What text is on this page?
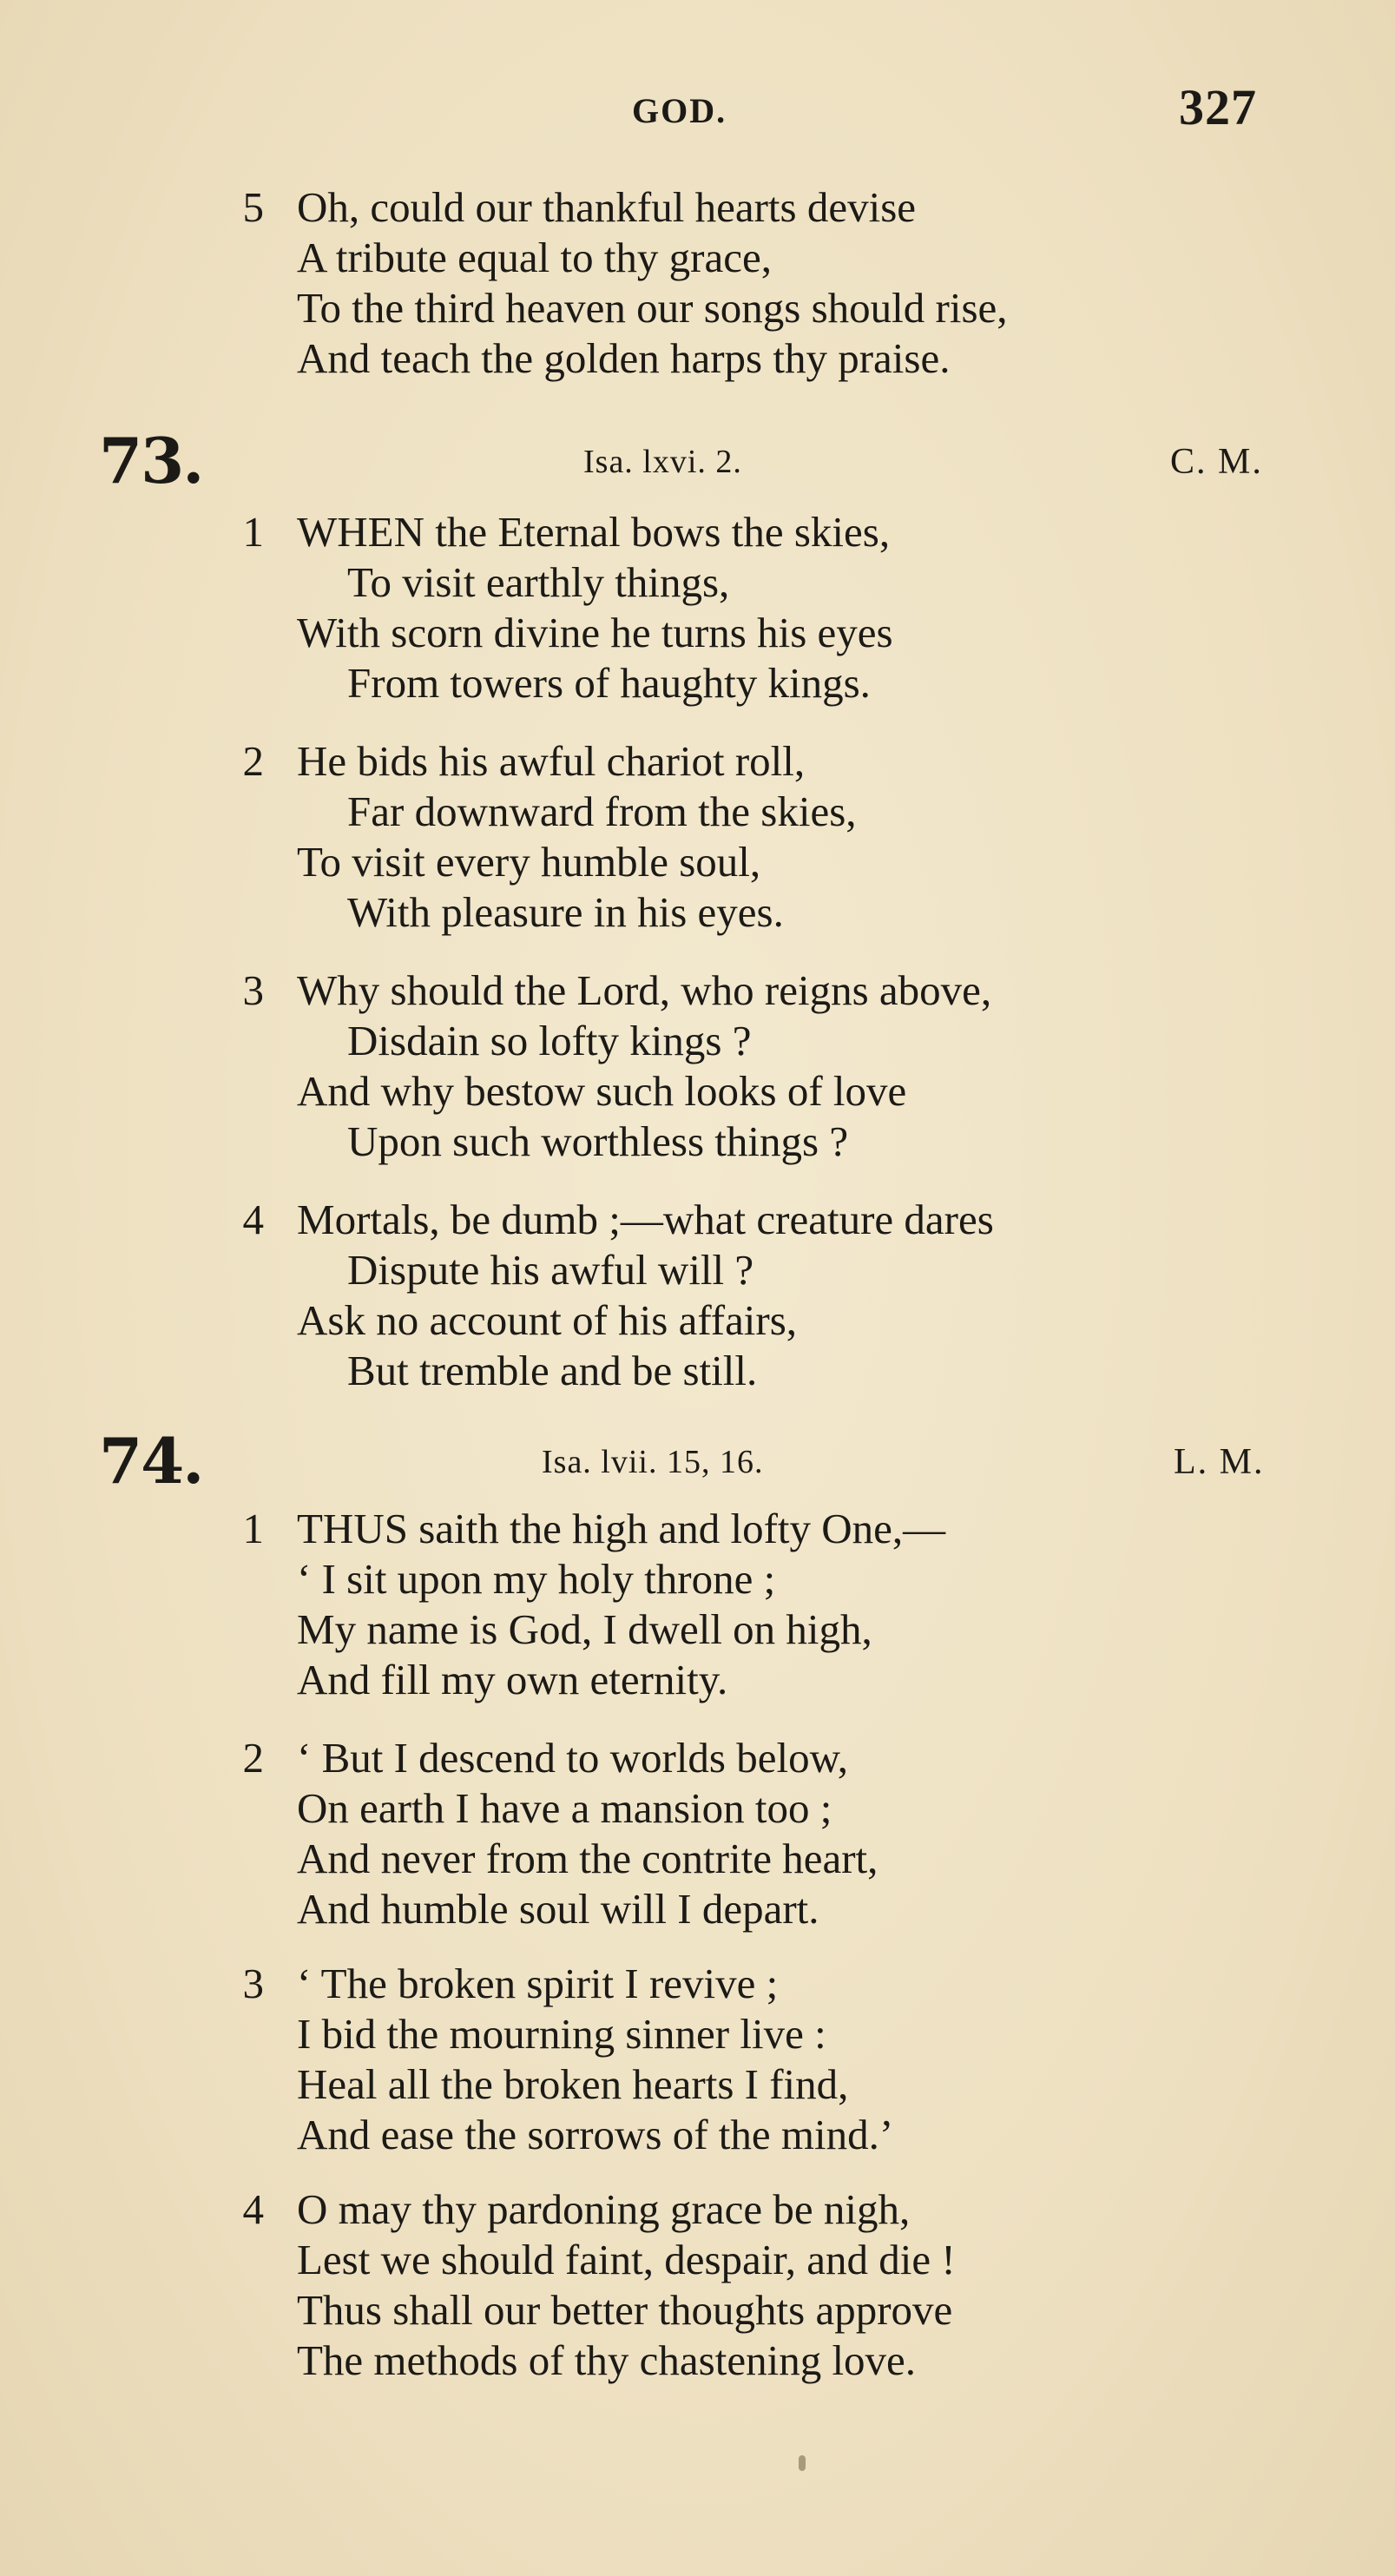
GOD.	327
5 Oh, could our thankful hearts devise
A tribute equal to thy grace,
To the third heaven our songs should rise,
And teach the golden harps thy praise.
73.	Isa. lxvi. 2.	C. M.
1 WHEN the Eternal bows the skies,
To visit earthly things,
With scorn divine he turns his eyes
From towers of haughty kings.
2 He bids his awful chariot roll,
Far downward from the skies,
To visit every humble soul,
With pleasure in his eyes.
3 Why should the Lord, who reigns above,
Disdain so lofty kings ?
And why bestow such looks of love
Upon such worthless things ?
4 Mortals, be dumb ;—what creature dares
Dispute his awful will ?
Ask no account of his affairs,
But tremble and be still.
74.	Isa. lvii. 15, 16.	L. M.
1 THUS saith the high and lofty One,—
‘ I sit upon my holy throne ;
My name is God, I dwell on high,
And fill my own eternity.
2 ‘ But I descend to worlds below,
On earth I have a mansion too ;
And never from the contrite heart,
And humble soul will I depart.
3 ‘ The broken spirit I revive ;
I bid the mourning sinner live :
Heal all the broken hearts I find,
And ease the sorrows of the mind.’
4 O may thy pardoning grace be nigh,
Lest we should faint, despair, and die !
Thus shall our better thoughts approve
The methods of thy chastening love.
